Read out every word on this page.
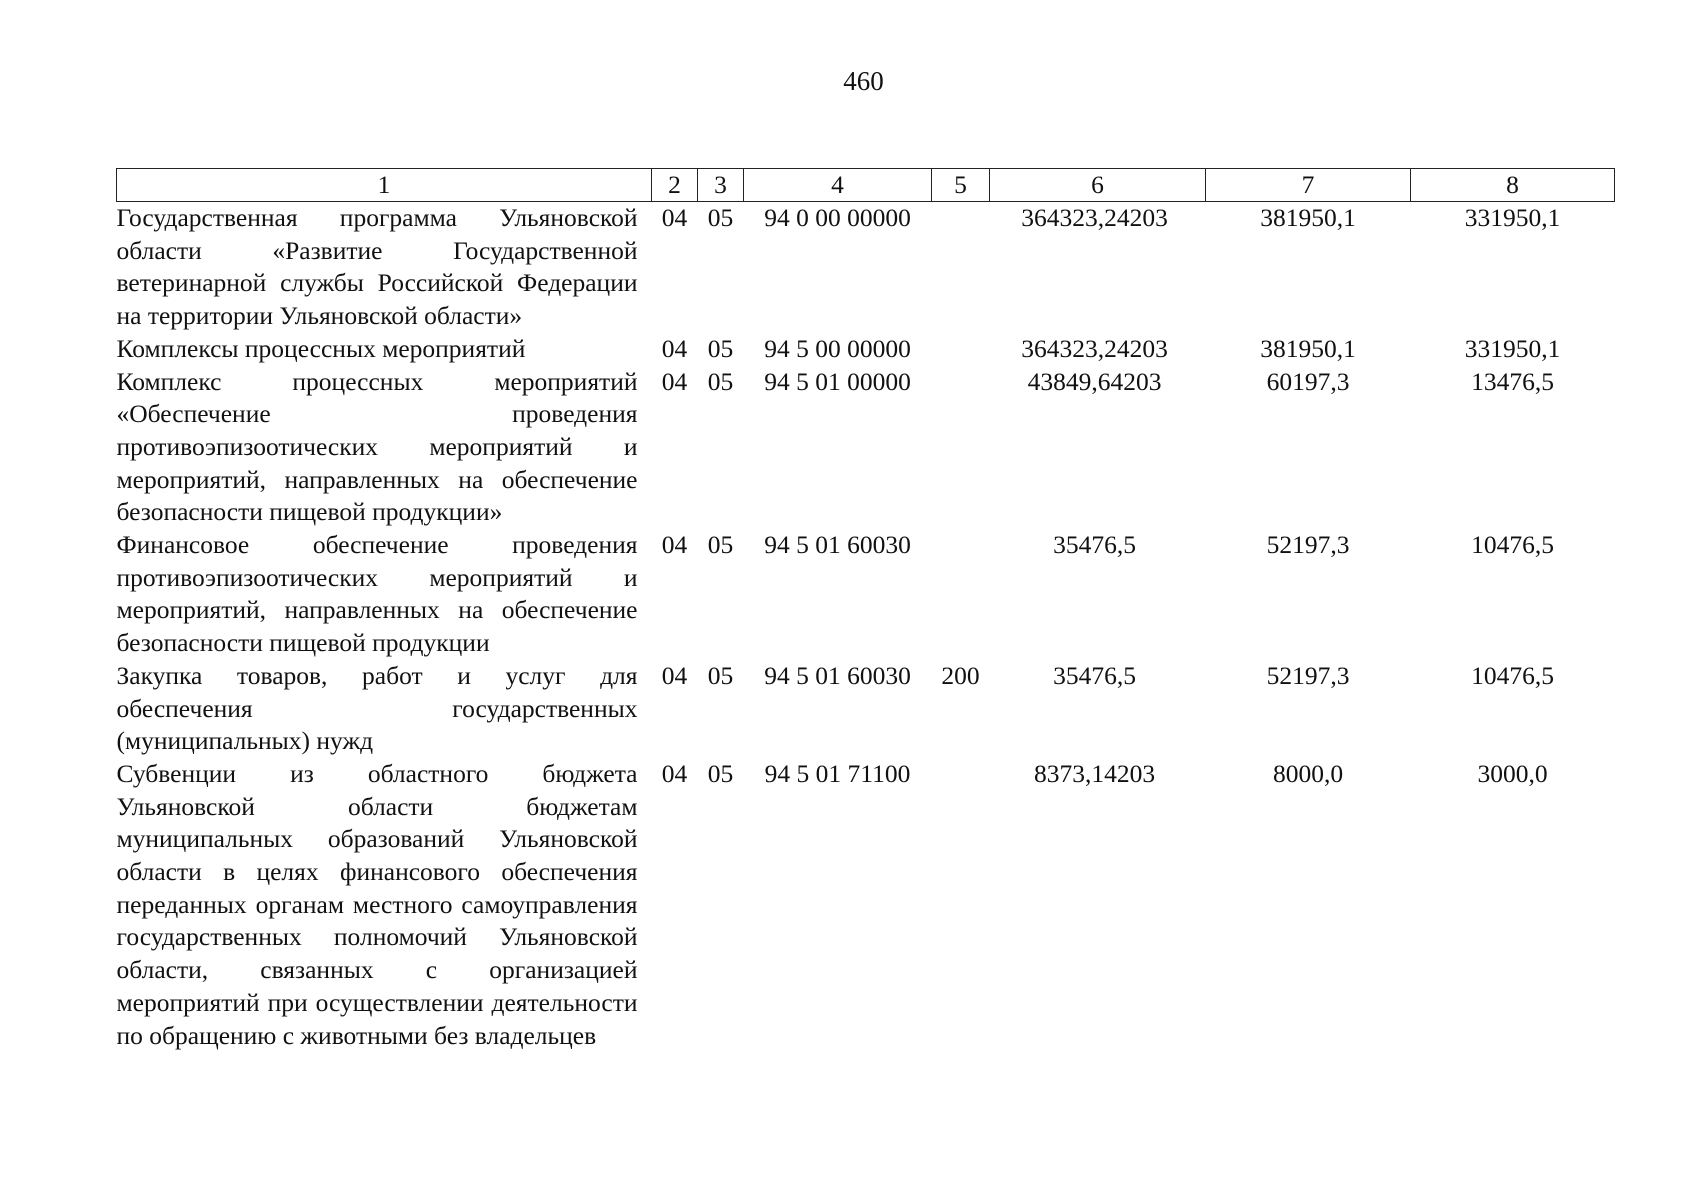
460
1	2	3	4	5	6	7	8
Государственная программа Ульяновской области «Развитие Государственной ветеринарной службы Российской Федерации на территории Ульяновской области»	04	05	94 0 00 00000		364323,24203	381950,1	331950,1
Комплексы процессных мероприятий	04	05	94 5 00 00000		364323,24203	381950,1	331950,1
Комплекс процессных мероприятий «Обеспечение проведения противоэпизоотических мероприятий и мероприятий, направленных на обеспечение безопасности пищевой продукции»	04	05	94 5 01 00000		43849,64203	60197,3	13476,5
Финансовое обеспечение проведения противоэпизоотических мероприятий и мероприятий, направленных на обеспечение безопасности пищевой продукции	04	05	94 5 01 60030		35476,5	52197,3	10476,5
Закупка товаров, работ и услуг для обеспечения государственных (муниципальных) нужд	04	05	94 5 01 60030	200	35476,5	52197,3	10476,5
Субвенции из областного бюджета Ульяновской области бюджетам муниципальных образований Ульяновской области в целях финансового обеспечения переданных органам местного самоуправления государственных полномочий Ульяновской области, связанных с организацией мероприятий при осуществлении деятельности по обращению с животными без владельцев	04	05	94 5 01 71100		8373,14203	8000,0	3000,0
